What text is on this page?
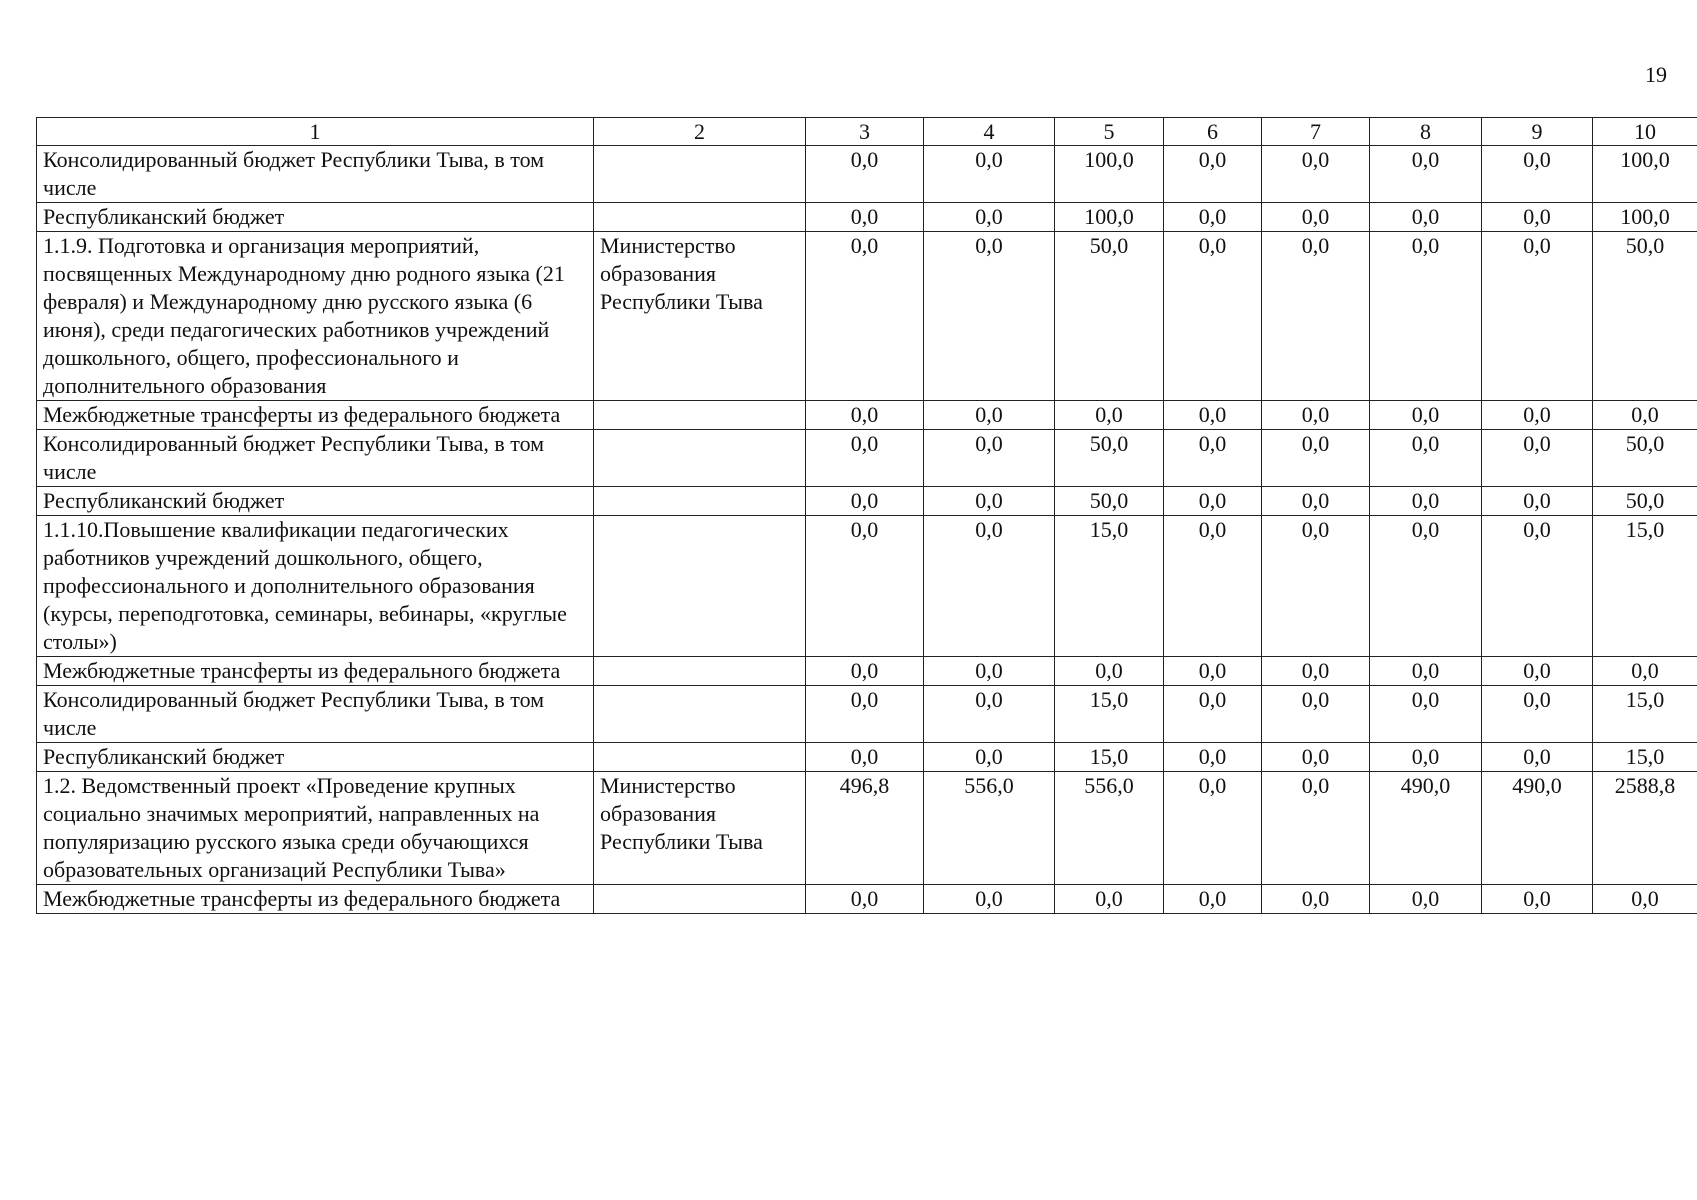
19
1	2	3	4	5	6	7	8	9	10
Консолидированный бюджет Республики Тыва, в том числе		0,0	0,0	100,0	0,0	0,0	0,0	0,0	100,0
Республиканский бюджет		0,0	0,0	100,0	0,0	0,0	0,0	0,0	100,0
1.1.9. Подготовка и организация мероприятий, посвященных Международному дню родного языка (21 февраля) и Международному дню русского языка (6 июня), среди педагогических работников учреждений дошкольного, общего, профессионального и дополнительного образования	Министерство образования Республики Тыва	0,0	0,0	50,0	0,0	0,0	0,0	0,0	50,0
Межбюджетные трансферты из федерального бюджета		0,0	0,0	0,0	0,0	0,0	0,0	0,0	0,0
Консолидированный бюджет Республики Тыва, в том числе		0,0	0,0	50,0	0,0	0,0	0,0	0,0	50,0
Республиканский бюджет		0,0	0,0	50,0	0,0	0,0	0,0	0,0	50,0
1.1.10.Повышение квалификации педагогических работников учреждений дошкольного, общего, профессионального и дополнительного образования (курсы, переподготовка, семинары, вебинары, «круглые столы»)		0,0	0,0	15,0	0,0	0,0	0,0	0,0	15,0
Межбюджетные трансферты из федерального бюджета		0,0	0,0	0,0	0,0	0,0	0,0	0,0	0,0
Консолидированный бюджет Республики Тыва, в том числе		0,0	0,0	15,0	0,0	0,0	0,0	0,0	15,0
Республиканский бюджет		0,0	0,0	15,0	0,0	0,0	0,0	0,0	15,0
1.2. Ведомственный проект «Проведение крупных социально значимых мероприятий, направленных на популяризацию русского языка среди обучающихся образовательных организаций Республики Тыва»	Министерство образования Республики Тыва	496,8	556,0	556,0	0,0	0,0	490,0	490,0	2588,8
Межбюджетные трансферты из федерального бюджета		0,0	0,0	0,0	0,0	0,0	0,0	0,0	0,0
